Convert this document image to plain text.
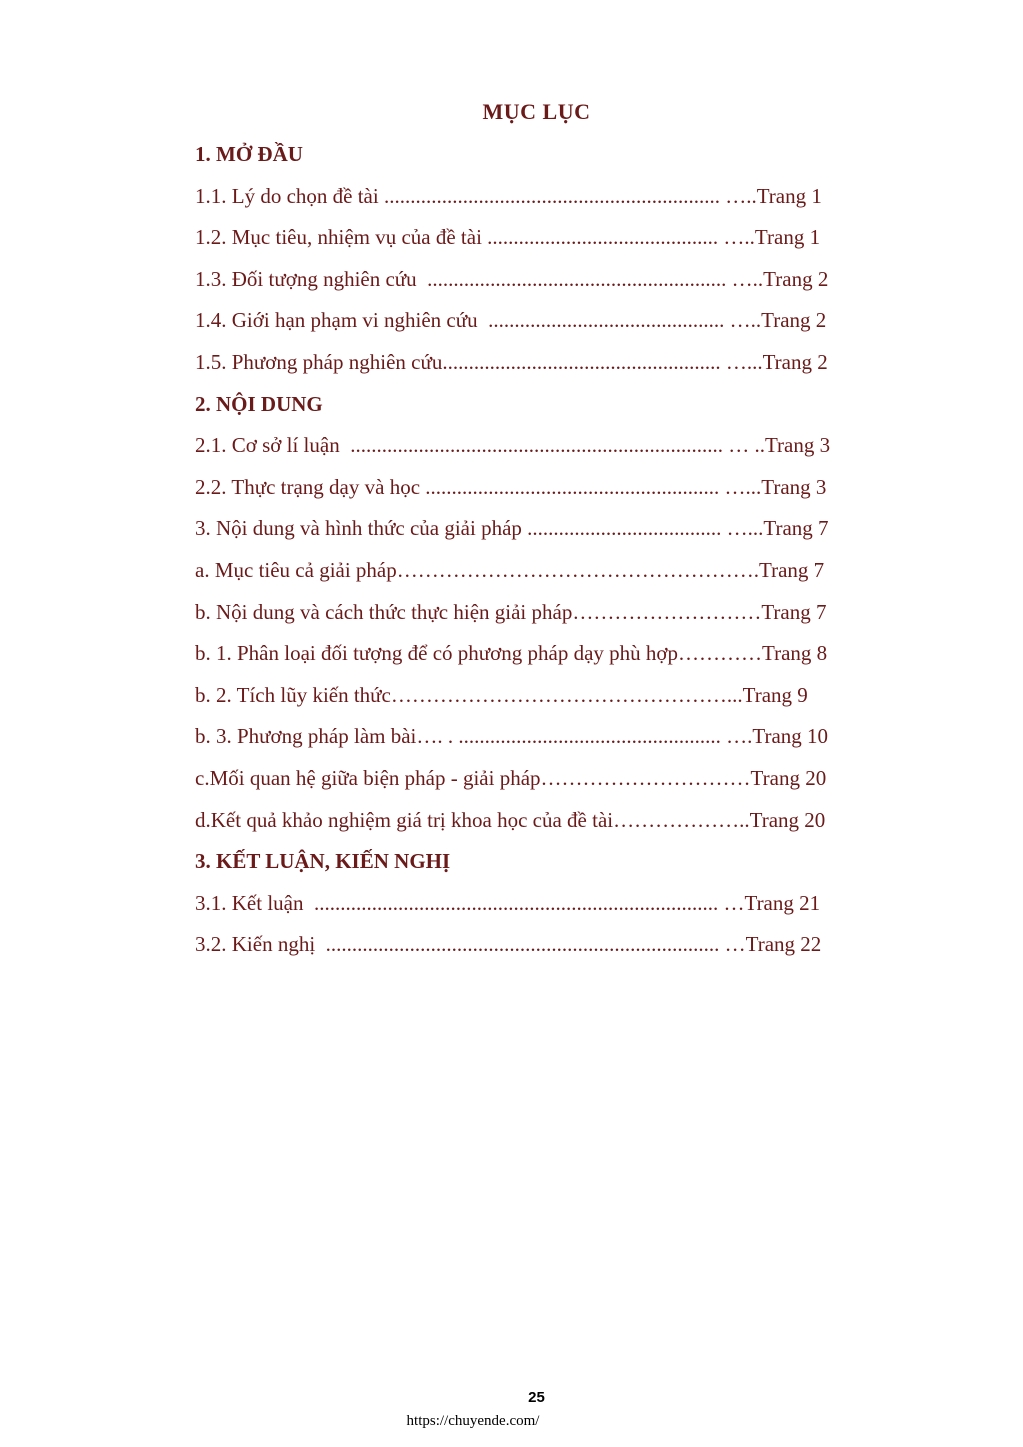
MỤC LỤC
1. MỞ ĐẦU
1.1. Lý do chọn đề tài ................................................................ …..Trang 1
1.2. Mục tiêu, nhiệm vụ của đề tài ............................................ …..Trang 1
1.3. Đối tượng nghiên cứu  ......................................................... …..Trang 2
1.4. Giới hạn phạm vi nghiên cứu  ............................................. …..Trang 2
1.5. Phương pháp nghiên cứu..................................................... …...Trang 2
2. NỘI DUNG
2.1. Cơ sở lí luận  ....................................................................... … ..Trang 3
2.2. Thực trạng dạy và học ........................................................ …...Trang 3
3. Nội dung và hình thức của giải pháp ..................................... …...Trang 7
a. Mục tiêu cả giải pháp…………………………………………….Trang 7
b. Nội dung và cách thức thực hiện giải pháp………………………Trang 7
b. 1. Phân loại đối tượng để có phương pháp dạy phù hợp…………Trang 8
b. 2. Tích lũy kiến thức…………………………………………...Trang 9
b. 3. Phương pháp làm bài…. . .................................................. ….Trang 10
c.Mối quan hệ giữa biện pháp - giải pháp…………………………Trang 20
d.Kết quả khảo nghiệm giá trị khoa học của đề tài………………..Trang 20
3. KẾT LUẬN, KIẾN NGHỊ
3.1. Kết luận  ............................................................................. …Trang 21
3.2. Kiến nghị  ........................................................................... …Trang 22
25
https://chuyende.com/
